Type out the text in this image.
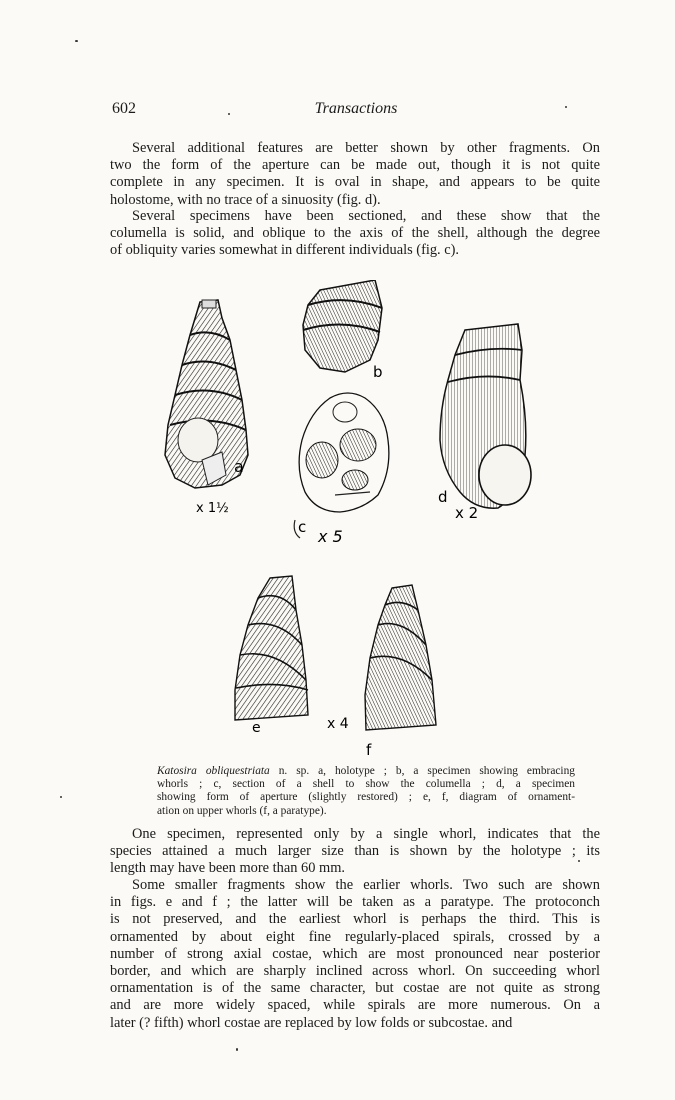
602	Transactions

Several additional features are better shown by other fragments. On
two the form of the aperture can be made out, though it is not quite
complete in any specimen. It is oval in shape, and appears to be quite
holostome, with no trace of a sinuosity (fig. d).

Several specimens have been sectioned, and these show that the
columella is solid, and oblique to the axis of the shell, although the degree
of obliquity varies somewhat in different individuals (fig. c).

a
x 1½
b
c x 5
d
x 2
e	x 4
f

Katosira obliquestriata n. sp. a, holotype ; b, a specimen showing embracing
whorls ; c, section of a shell to show the columella ; d, a specimen
showing form of aperture (slightly restored) ; e, f, diagram of ornament-
ation on upper whorls (f, a paratype).

One specimen, represented only by a single whorl, indicates that the
species attained a much larger size than is shown by the holotype ; its
length may have been more than 60 mm.

Some smaller fragments show the earlier whorls. Two such are shown
in figs. e and f ; the latter will be taken as a paratype. The protoconch
is not preserved, and the earliest whorl is perhaps the third. This is
ornamented by about eight fine regularly-placed spirals, crossed by a
number of strong axial costae, which are most pronounced near posterior
border, and which are sharply inclined across whorl. On succeeding whorl
ornamentation is of the same character, but costae are not quite as strong
and are more widely spaced, while spirals are more numerous. On a
later (? fifth) whorl costae are replaced by low folds or subcostae. and
